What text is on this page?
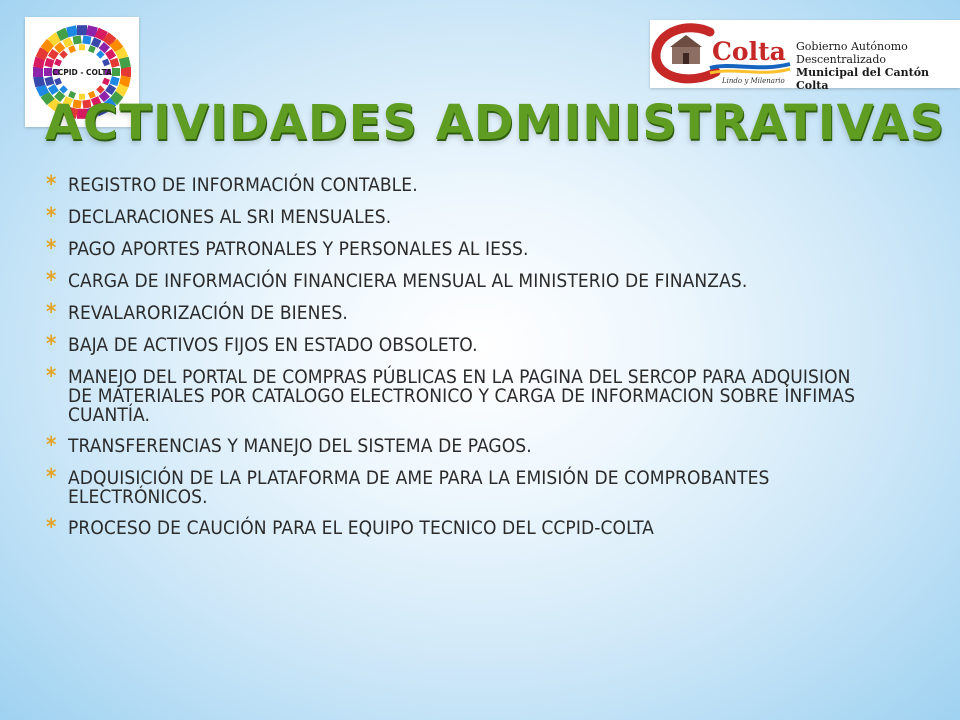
CCPID - COLTA
Colta
Lindo y Milenario
Gobierno Autónomo Descentralizado
Municipal del Cantón Colta
ACTIVIDADES ADMINISTRATIVAS
* REGISTRO DE INFORMACIÓN CONTABLE.
* DECLARACIONES AL SRI MENSUALES.
* PAGO APORTES PATRONALES Y PERSONALES AL IESS.
* CARGA DE INFORMACIÓN FINANCIERA MENSUAL AL MINISTERIO DE FINANZAS.
* REVALARORIZACIÓN DE BIENES.
* BAJA DE ACTIVOS FIJOS EN ESTADO OBSOLETO.
* MANEJO DEL PORTAL DE COMPRAS PÚBLICAS EN LA PAGINA DEL SERCOP PARA ADQUISION DE MATERIALES POR CATALOGO ELECTRONICO Y CARGA DE INFORMACION SOBRE ÍNFIMAS CUANTÍA.
* TRANSFERENCIAS Y MANEJO DEL SISTEMA DE PAGOS.
* ADQUISICIÓN DE LA PLATAFORMA DE AME PARA LA EMISIÓN DE COMPROBANTES ELECTRÓNICOS.
* PROCESO DE CAUCIÓN PARA EL EQUIPO TECNICO DEL CCPID-COLTA
